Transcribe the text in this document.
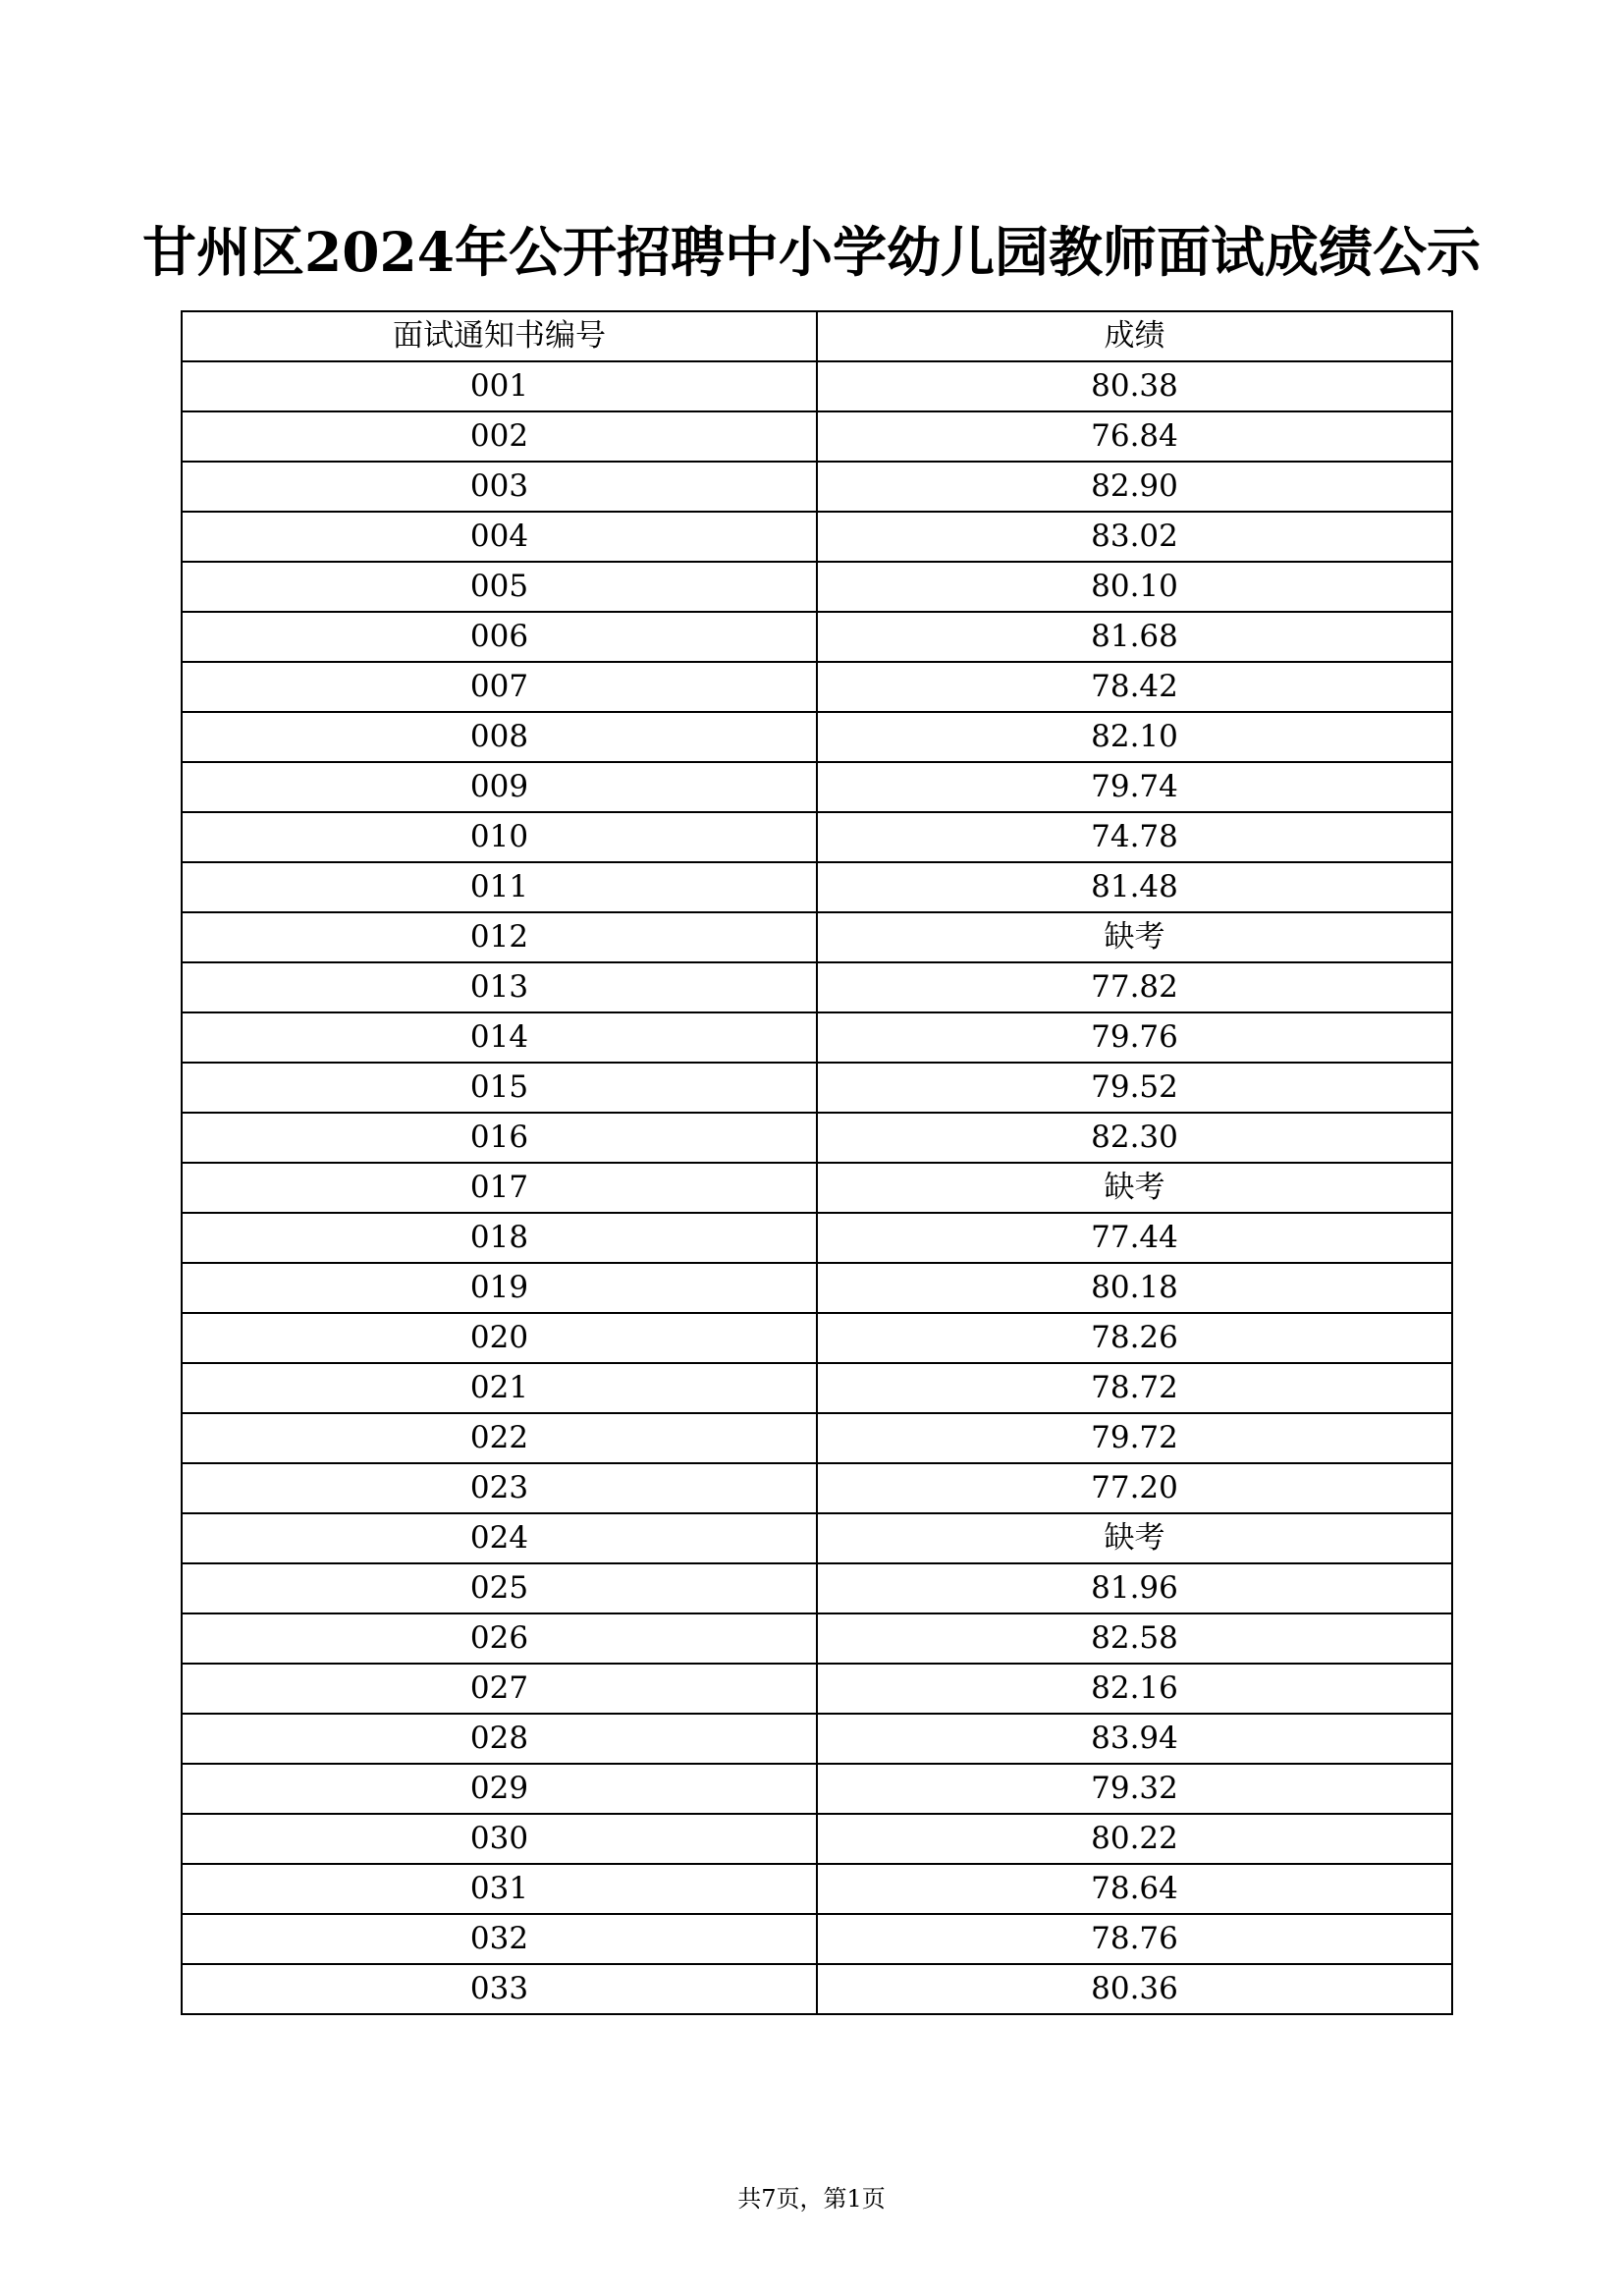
甘州区2024年公开招聘中小学幼儿园教师面试成绩公示
面试通知书编号	成绩
001	80.38
002	76.84
003	82.90
004	83.02
005	80.10
006	81.68
007	78.42
008	82.10
009	79.74
010	74.78
011	81.48
012	缺考
013	77.82
014	79.76
015	79.52
016	82.30
017	缺考
018	77.44
019	80.18
020	78.26
021	78.72
022	79.72
023	77.20
024	缺考
025	81.96
026	82.58
027	82.16
028	83.94
029	79.32
030	80.22
031	78.64
032	78.76
033	80.36
共7页，第1页
